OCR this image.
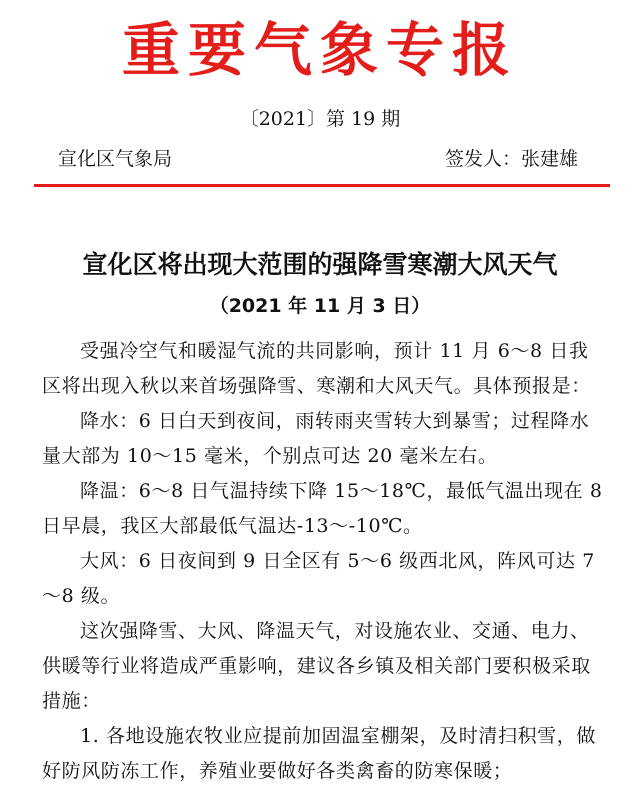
重要气象专报
〔2021〕第 19 期
宣化区气象局	签发人：张建雄
宣化区将出现大范围的强降雪寒潮大风天气
（2021 年 11 月 3 日）

受强冷空气和暖湿气流的共同影响，预计 11 月 6～8 日我区将出现入秋以来首场强降雪、寒潮和大风天气。具体预报是：

降水：6 日白天到夜间，雨转雨夹雪转大到暴雪；过程降水量大部为 10～15 毫米，个别点可达 20 毫米左右。

降温：6～8 日气温持续下降 15～18℃，最低气温出现在 8 日早晨，我区大部最低气温达-13～-10℃。

大风：6 日夜间到 9 日全区有 5～6 级西北风，阵风可达 7～8 级。

这次强降雪、大风、降温天气，对设施农业、交通、电力、供暖等行业将造成严重影响，建议各乡镇及相关部门要积极采取措施：

1. 各地设施农牧业应提前加固温室棚架，及时清扫积雪，做好防风防冻工作，养殖业要做好各类禽畜的防寒保暖；
